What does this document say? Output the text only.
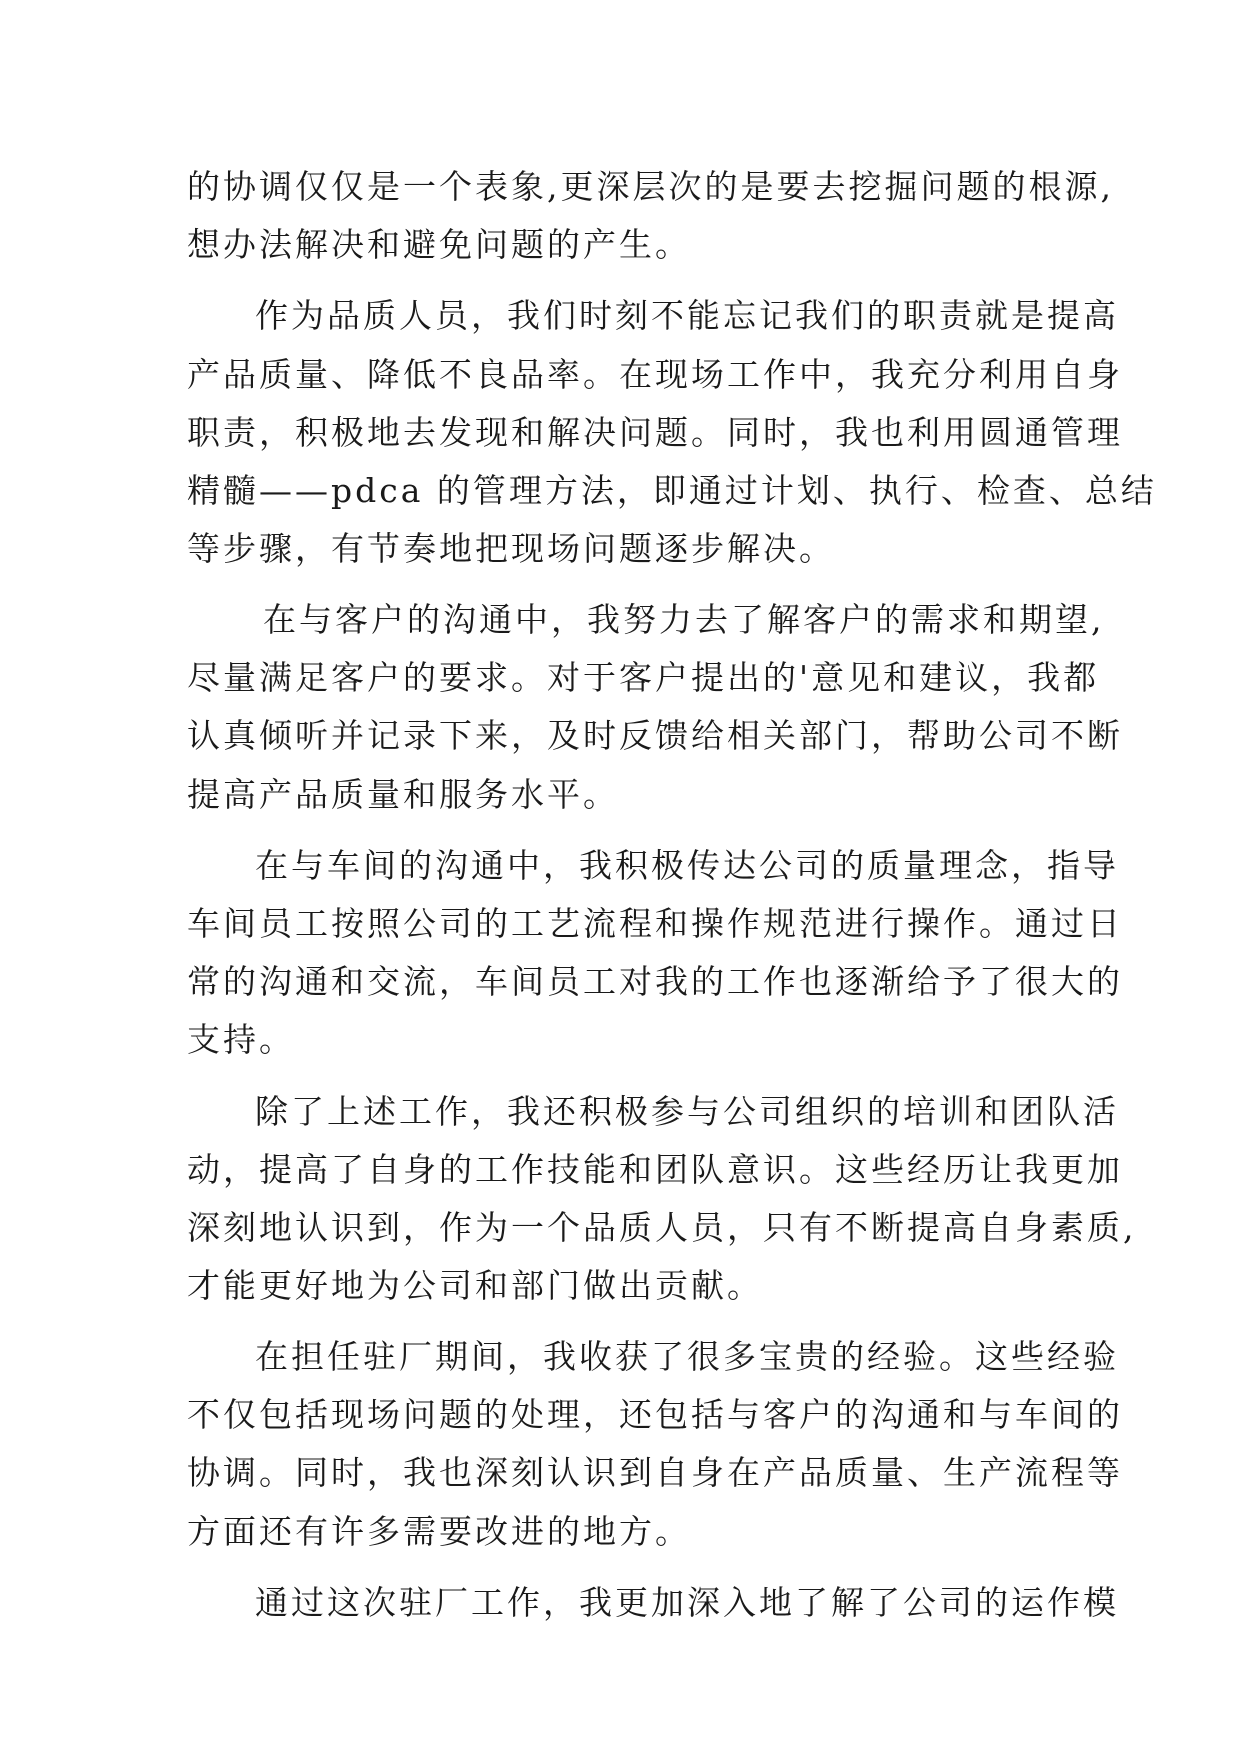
的协调仅仅是一个表象,更深层次的是要去挖掘问题的根源,
想办法解决和避免问题的产生。
作为品质人员，我们时刻不能忘记我们的职责就是提高
产品质量、降低不良品率。在现场工作中，我充分利用自身
职责，积极地去发现和解决问题。同时，我也利用圆通管理
精髓——pdca 的管理方法，即通过计划、执行、检查、总结
等步骤，有节奏地把现场问题逐步解决。
在与客户的沟通中，我努力去了解客户的需求和期望,
尽量满足客户的要求。对于客户提出的'意见和建议，我都
认真倾听并记录下来，及时反馈给相关部门，帮助公司不断
提高产品质量和服务水平。
在与车间的沟通中，我积极传达公司的质量理念，指导
车间员工按照公司的工艺流程和操作规范进行操作。通过日
常的沟通和交流，车间员工对我的工作也逐渐给予了很大的
支持。
除了上述工作，我还积极参与公司组织的培训和团队活
动，提高了自身的工作技能和团队意识。这些经历让我更加
深刻地认识到，作为一个品质人员，只有不断提高自身素质,
才能更好地为公司和部门做出贡献。
在担任驻厂期间，我收获了很多宝贵的经验。这些经验
不仅包括现场问题的处理，还包括与客户的沟通和与车间的
协调。同时，我也深刻认识到自身在产品质量、生产流程等
方面还有许多需要改进的地方。
通过这次驻厂工作，我更加深入地了解了公司的运作模
